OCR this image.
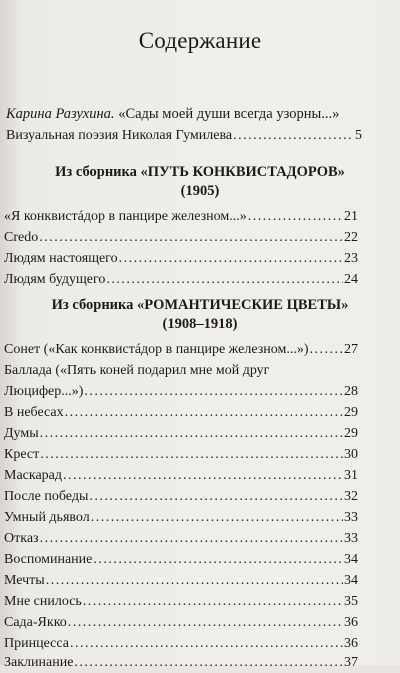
Содержание
Карина Разухина. «Сады моей души всегда узорны...»
Визуальная поэзия Николая Гумилева .....	5
Из сборника «ПУТЬ КОНКВИСТАДОРОВ»
(1905)
«Я конквистáдор в панцире железном...» .....	21
Credo .....	22
Людям настоящего .....	23
Людям будущего .....	24
Из сборника «РОМАНТИЧЕСКИЕ ЦВЕТЫ»
(1908–1918)
Сонет («Как конквистáдор в панцире железном...») .....	27
Баллада («Пять коней подарил мне мой друг
Люцифер...») .....	28
В небесах .....	29
Думы .....	29
Крест .....	30
Маскарад .....	31
После победы .....	32
Умный дьявол .....	33
Отказ .....	33
Воспоминание .....	34
Мечты .....	34
Мне снилось .....	35
Сада-Якко .....	36
Принцесса .....	36
Заклинание .....	37
